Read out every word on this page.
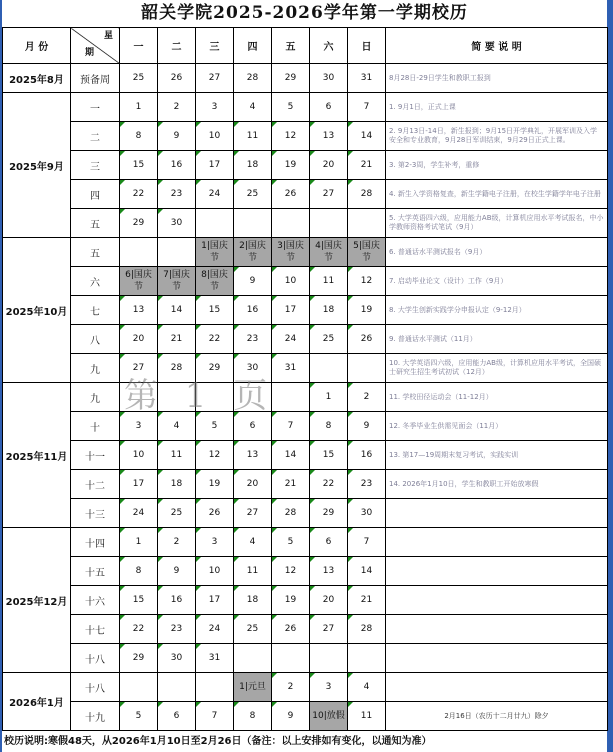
韶关学院2025-2026学年第一学期校历
月 份	星
期	一	二	三	四	五	六	日	简 要 说 明
2025年8月	预备周	25	26	27	28	29	30	31	8月28日-29日学生和教职工报到
2025年9月	一	1	2	3	4	5	6	7	1. 9月1日，正式上课
	二	8	9	10	11	12	13	14	2. 9月13日-14日，新生报到；9月15日开学典礼，开展军训及入学安全和专业教育，9月28日军训结束，9月29日正式上课。
	三	15	16	17	18	19	20	21	3. 第2-3周，学生补考，重修
	四	22	23	24	25	26	27	28	4. 新生入学资格复查，新生学籍电子注册，在校生学籍学年电子注册
	五	29	30						5. 大学英语四六级，应用能力AB级，计算机应用水平考试报名，中小学教师资格考试笔试（9月）
2025年10月	五			1|国庆节	2|国庆节	3|国庆节	4|国庆节	5|国庆节	6. 普通话水平测试报名（9月）
	六	6|国庆节	7|国庆节	8|国庆节	9	10	11	12	7. 启动毕业论文（设计）工作（9月）
	七	13	14	15	16	17	18	19	8. 大学生创新实践学分申报认定（9-12月）
	八	20	21	22	23	24	25	26	9. 普通话水平测试（11月）
	九	27	28	29	30	31			10. 大学英语四六级，应用能力AB级，计算机应用水平考试，全国硕士研究生招生考试初试（12月）
2025年11月	九						1	2	11. 学校田径运动会（11-12月）
	十	3	4	5	6	7	8	9	12. 冬季毕业生供需见面会（11月）
	十一	10	11	12	13	14	15	16	13. 第17—19周期末复习考试，实践实训
	十二	17	18	19	20	21	22	23	14. 2026年1月10日，学生和教职工开始放寒假
	十三	24	25	26	27	28	29	30	
2025年12月	十四	1	2	3	4	5	6	7	
	十五	8	9	10	11	12	13	14	
	十六	15	16	17	18	19	20	21	
	十七	22	23	24	25	26	27	28	
	十八	29	30	31					
2026年1月	十八				1|元旦	2	3	4	
	十九	5	6	7	8	9	10|放假	11	2月16日（农历十二月廿九）除夕
校历说明:寒假48天，从2026年1月10日至2月26日（备注：以上安排如有变化，以通知为准）
第 1 页
